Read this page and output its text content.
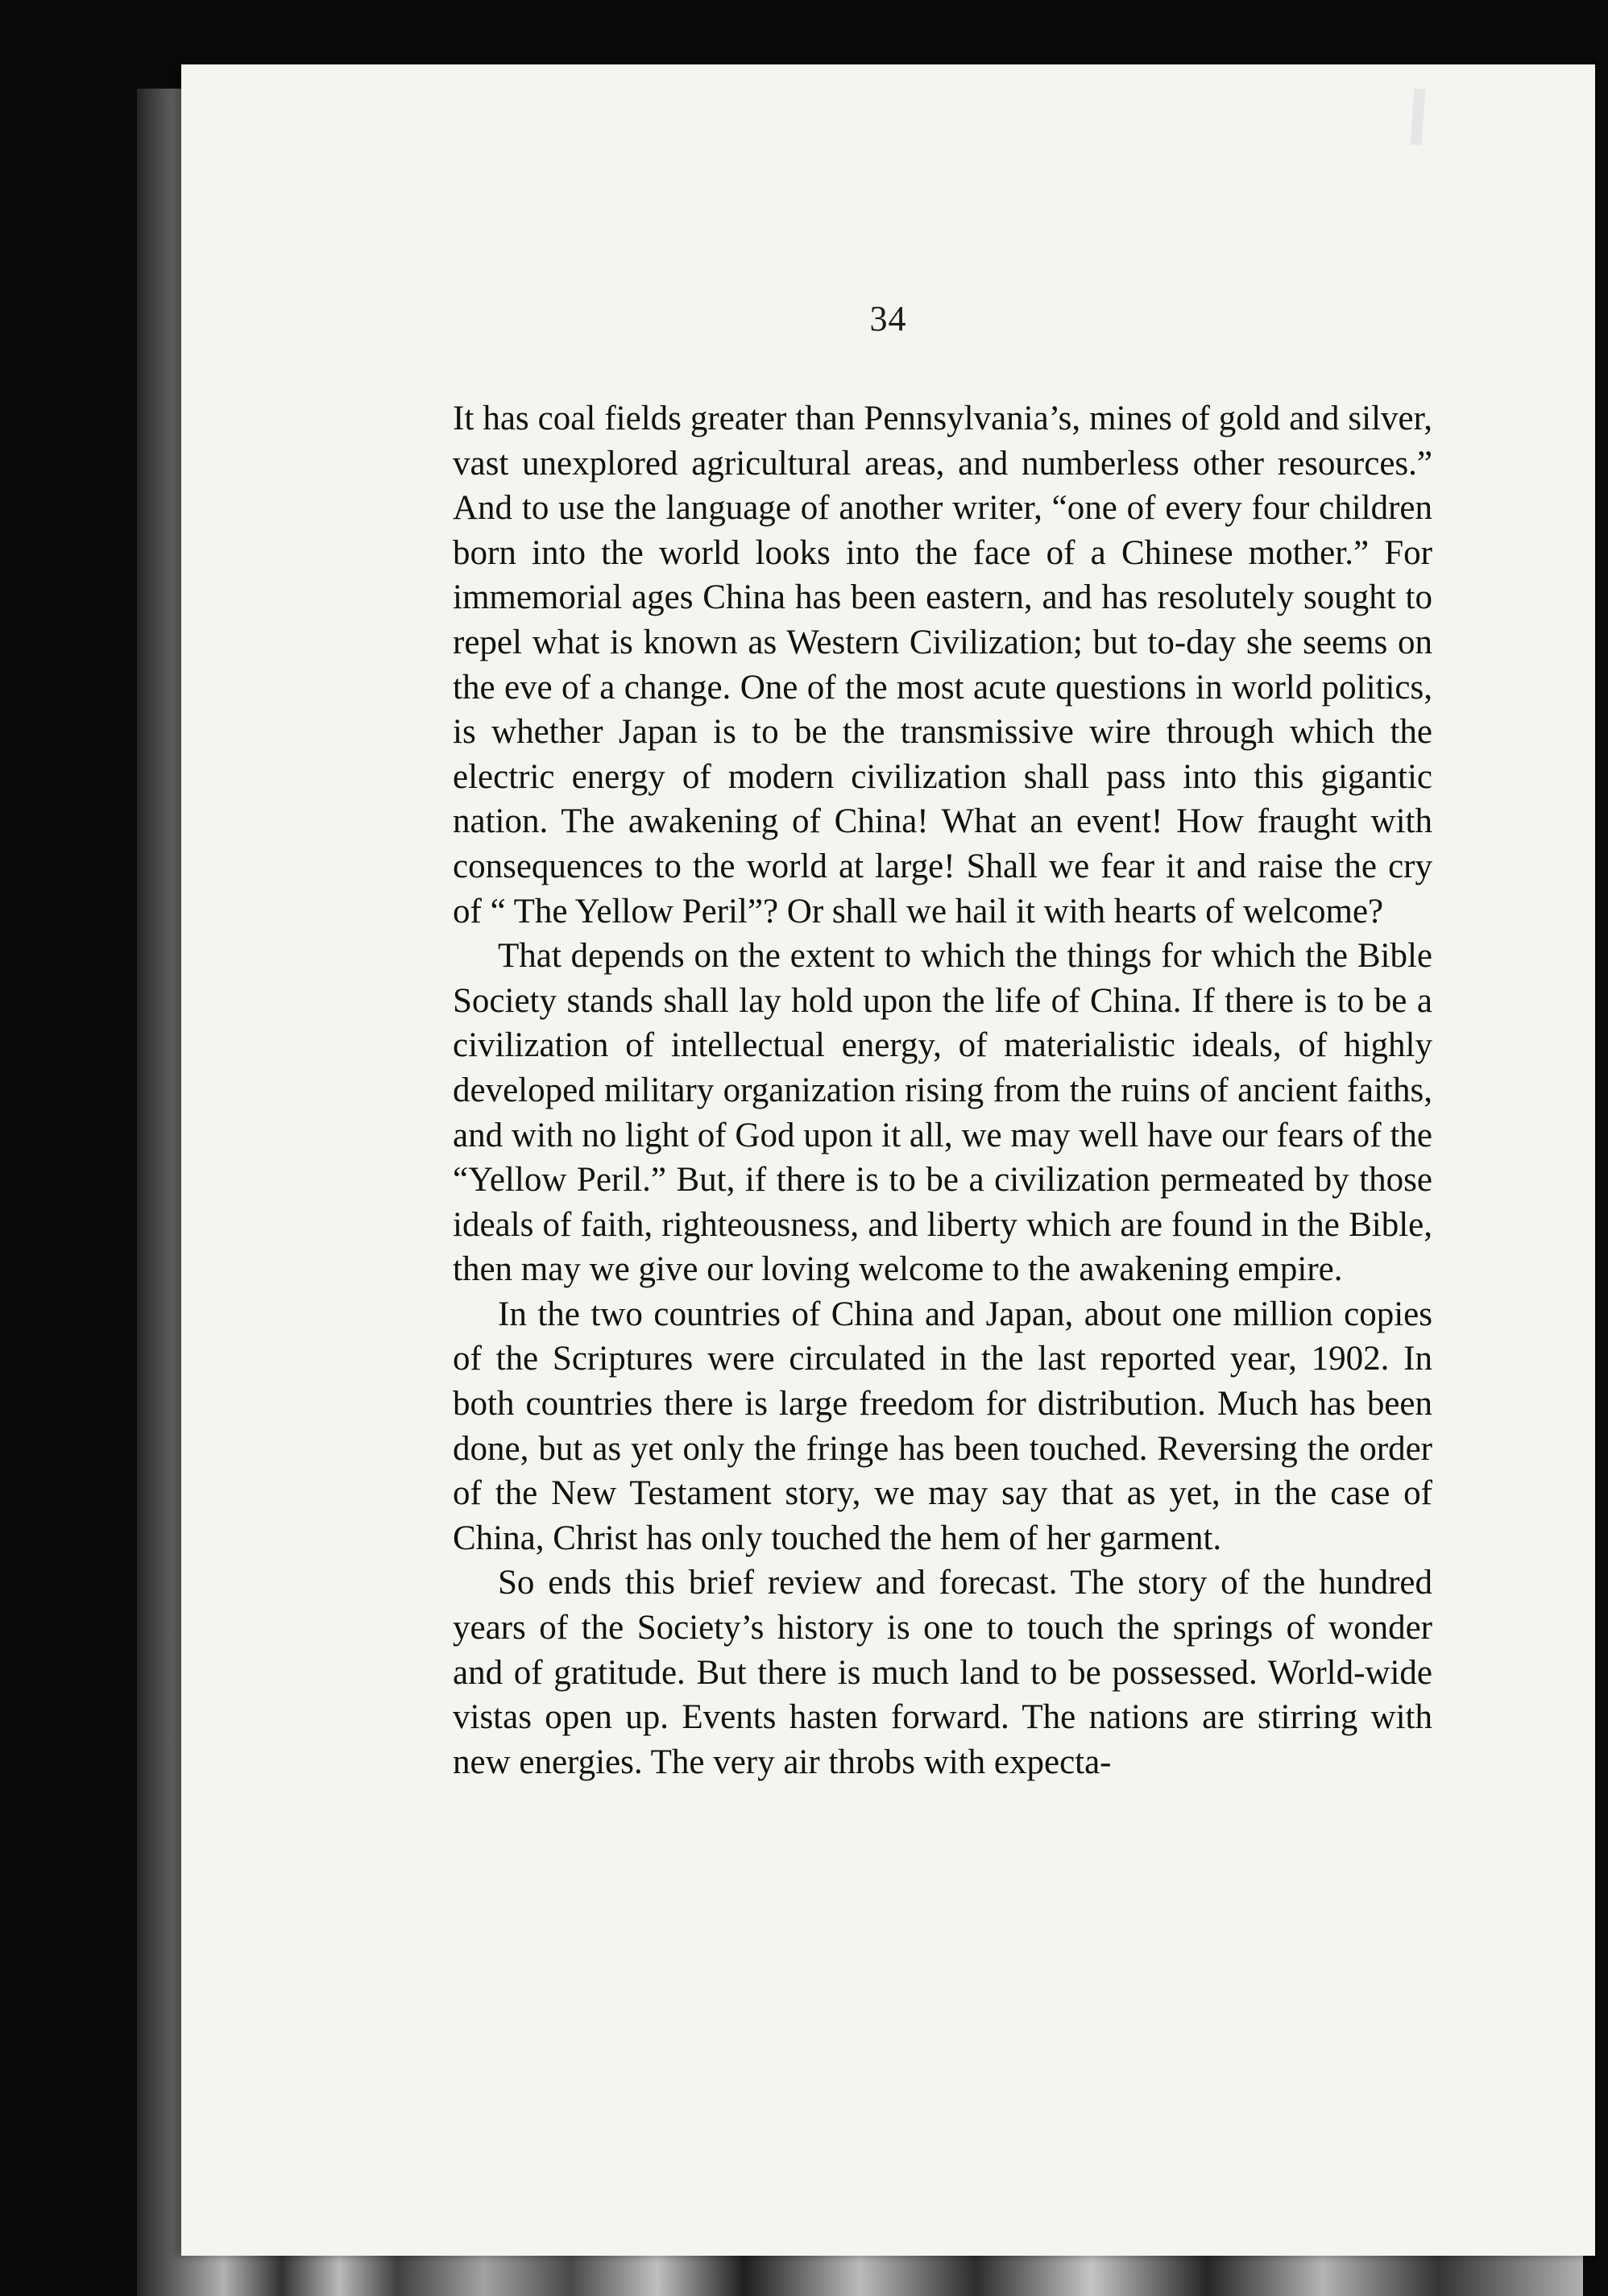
34

It has coal fields greater than Pennsylvania’s, mines of gold and silver, vast unexplored agricultural areas, and numberless other resources.” And to use the language of another writer, “one of every four children born into the world looks into the face of a Chinese mother.” For immemorial ages China has been eastern, and has resolutely sought to repel what is known as Western Civilization; but to-day she seems on the eve of a change. One of the most acute questions in world politics, is whether Japan is to be the transmissive wire through which the electric energy of modern civilization shall pass into this gigantic nation. The awakening of China! What an event! How fraught with consequences to the world at large! Shall we fear it and raise the cry of “ The Yellow Peril”? Or shall we hail it with hearts of welcome?

That depends on the extent to which the things for which the Bible Society stands shall lay hold upon the life of China. If there is to be a civilization of intellectual energy, of materialistic ideals, of highly developed military organization rising from the ruins of ancient faiths, and with no light of God upon it all, we may well have our fears of the “Yellow Peril.” But, if there is to be a civilization permeated by those ideals of faith, righteousness, and liberty which are found in the Bible, then may we give our loving welcome to the awakening empire.

In the two countries of China and Japan, about one million copies of the Scriptures were circulated in the last reported year, 1902. In both countries there is large freedom for distribution. Much has been done, but as yet only the fringe has been touched. Reversing the order of the New Testament story, we may say that as yet, in the case of China, Christ has only touched the hem of her garment.

So ends this brief review and forecast. The story of the hundred years of the Society’s history is one to touch the springs of wonder and of gratitude. But there is much land to be possessed. World-wide vistas open up. Events hasten forward. The nations are stirring with new energies. The very air throbs with expecta-
